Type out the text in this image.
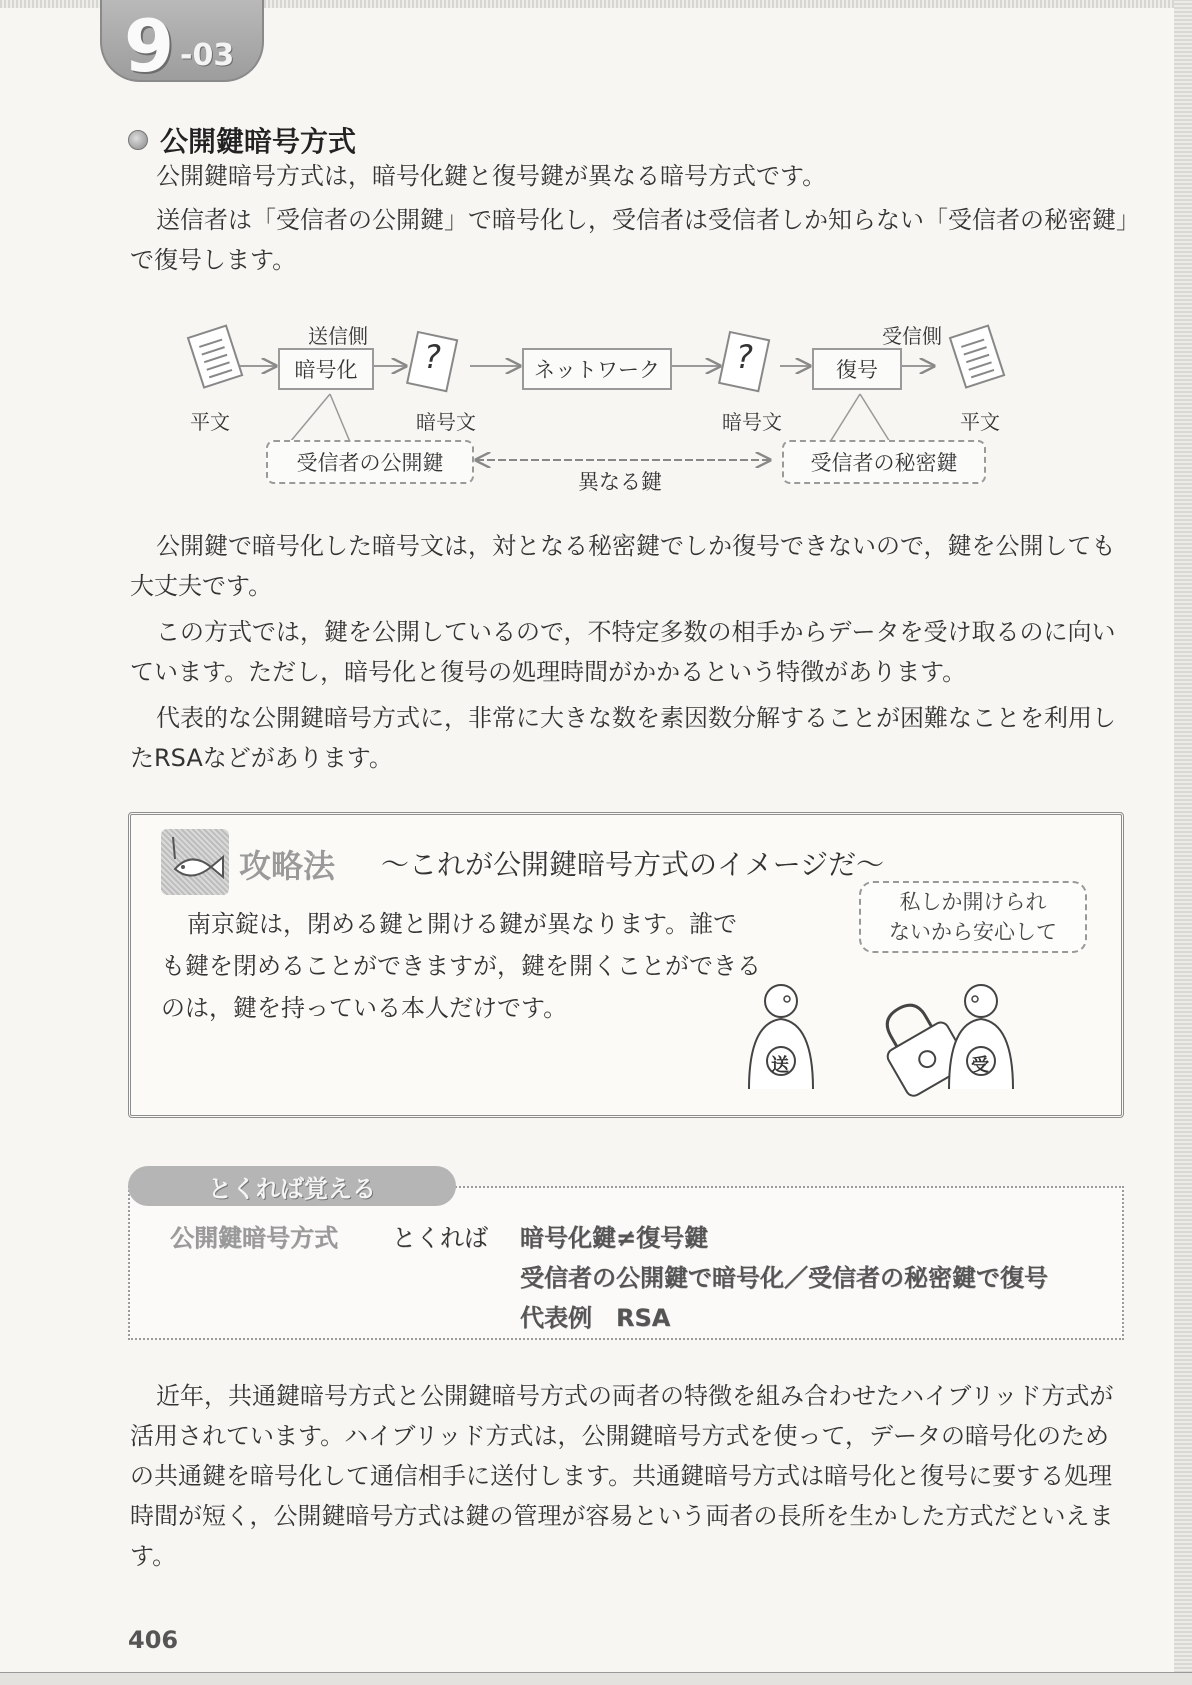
9 -03
公開鍵暗号方式

公開鍵暗号方式は，暗号化鍵と復号鍵が異なる暗号方式です。

送信者は「受信者の公開鍵」で暗号化し，受信者は受信者しか知らない「受信者の秘密鍵」で復号します。

送信側	受信側
暗号化	?	ネットワーク	?	復号
平文	暗号文	暗号文	平文
受信者の公開鍵	受信者の秘密鍵
異なる鍵

公開鍵で暗号化した暗号文は，対となる秘密鍵でしか復号できないので，鍵を公開しても大丈夫です。

この方式では，鍵を公開しているので，不特定多数の相手からデータを受け取るのに向いています。ただし，暗号化と復号の処理時間がかかるという特徴があります。

代表的な公開鍵暗号方式に，非常に大きな数を素因数分解することが困難なことを利用したRSAなどがあります。

攻略法 ～これが公開鍵暗号方式のイメージだ～

南京錠は，閉める鍵と開ける鍵が異なります。誰でも鍵を閉めることができますが，鍵を開くことができるのは，鍵を持っている本人だけです。

私しか開けられ
ないから安心して
送	受
とくれば覚える
公開鍵暗号方式 とくれば 暗号化鍵≠復号鍵
受信者の公開鍵で暗号化／受信者の秘密鍵で復号
代表例　RSA

近年，共通鍵暗号方式と公開鍵暗号方式の両者の特徴を組み合わせたハイブリッド方式が活用されています。ハイブリッド方式は，公開鍵暗号方式を使って，データの暗号化のための共通鍵を暗号化して通信相手に送付します。共通鍵暗号方式は暗号化と復号に要する処理時間が短く，公開鍵暗号方式は鍵の管理が容易という両者の長所を生かした方式だといえます。

406
